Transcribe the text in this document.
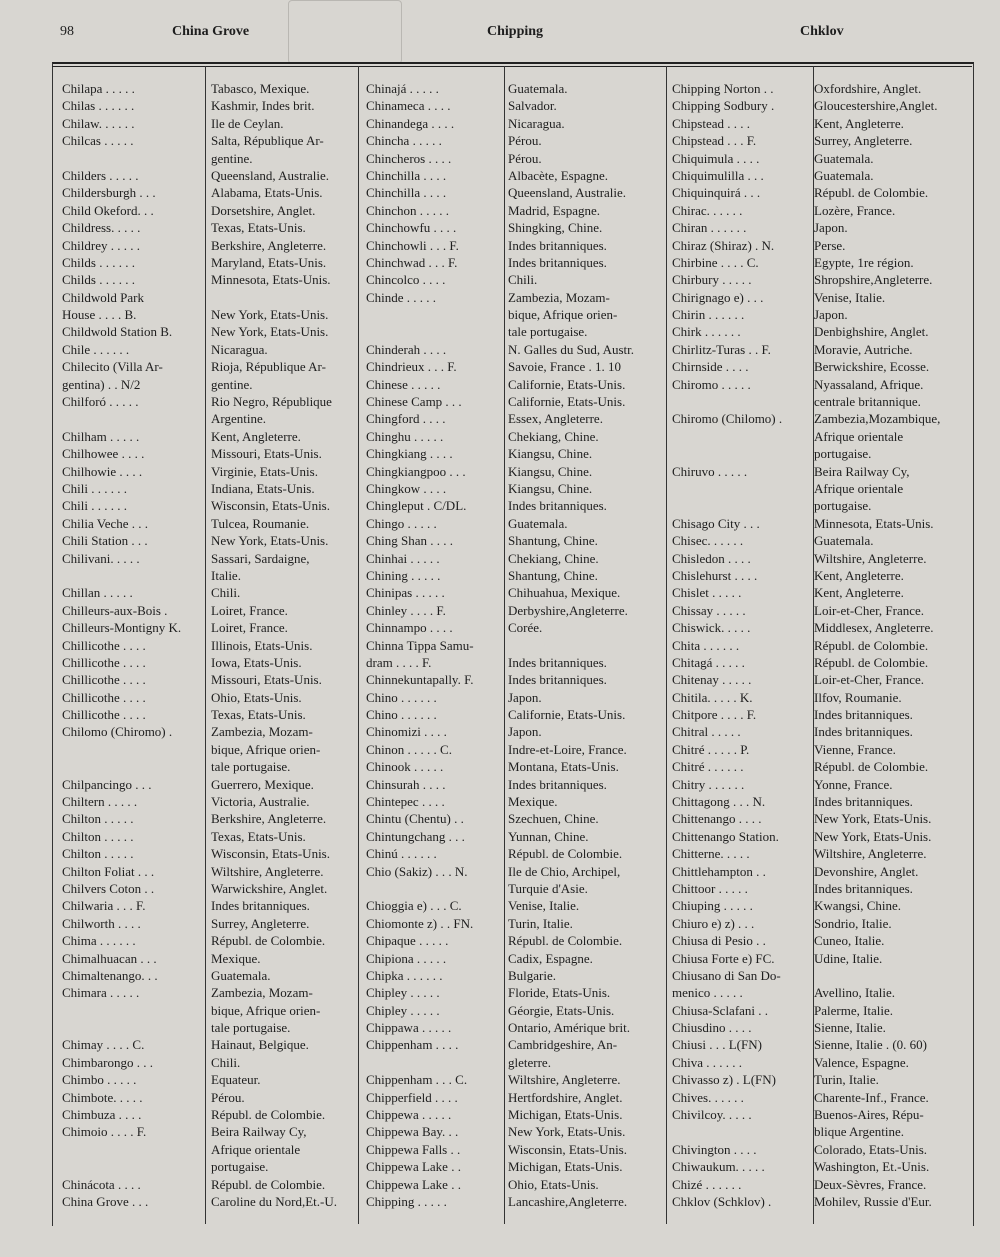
98	China Grove	Chipping	Chklov
Chilapa . . . . .	Tabasco, Mexique.
Chilas . . . . . .	Kashmir, Indes brit.
Chilaw. . . . . .	Ile de Ceylan.
Chilcas . . . . .	Salta, République Ar-
gentine.
Childers . . . . .	Queensland, Australie.
Childersburgh . . .	Alabama, Etats-Unis.
Child Okeford. . .	Dorsetshire, Anglet.
Childress. . . . .	Texas, Etats-Unis.
Childrey . . . . .	Berkshire, Angleterre.
Childs . . . . . .	Maryland, Etats-Unis.
Childs . . . . . .	Minnesota, Etats-Unis.
Childwold Park
House . . . . B.	New York, Etats-Unis.
Childwold Station B.	New York, Etats-Unis.
Chile . . . . . .	Nicaragua.
Chilecito (Villa Ar-	Rioja, République Ar-
gentina) . . N/2	gentine.
Chilforó . . . . .	Rio Negro, République
Argentine.
Chilham . . . . .	Kent, Angleterre.
Chilhowee . . . .	Missouri, Etats-Unis.
Chilhowie . . . .	Virginie, Etats-Unis.
Chili . . . . . .	Indiana, Etats-Unis.
Chili . . . . . .	Wisconsin, Etats-Unis.
Chilia Veche . . .	Tulcea, Roumanie.
Chili Station . . .	New York, Etats-Unis.
Chilivani. . . . .	Sassari, Sardaigne,
Italie.
Chillan . . . . .	Chili.
Chilleurs-aux-Bois .	Loiret, France.
Chilleurs-Montigny K.	Loiret, France.
Chillicothe . . . .	Illinois, Etats-Unis.
Chillicothe . . . .	Iowa, Etats-Unis.
Chillicothe . . . .	Missouri, Etats-Unis.
Chillicothe . . . .	Ohio, Etats-Unis.
Chillicothe . . . .	Texas, Etats-Unis.
Chilomo (Chiromo) .	Zambezia, Mozam-
bique, Afrique orien-
tale portugaise.
Chilpancingo . . .	Guerrero, Mexique.
Chiltern . . . . .	Victoria, Australie.
Chilton . . . . .	Berkshire, Angleterre.
Chilton . . . . .	Texas, Etats-Unis.
Chilton . . . . .	Wisconsin, Etats-Unis.
Chilton Foliat . . .	Wiltshire, Angleterre.
Chilvers Coton . .	Warwickshire, Anglet.
Chilwaria . . . F.	Indes britanniques.
Chilworth . . . .	Surrey, Angleterre.
Chima . . . . . .	Républ. de Colombie.
Chimalhuacan . . .	Mexique.
Chimaltenango. . .	Guatemala.
Chimara . . . . .	Zambezia, Mozam-
bique, Afrique orien-
tale portugaise.
Chimay . . . . C.	Hainaut, Belgique.
Chimbarongo . . .	Chili.
Chimbo . . . . .	Equateur.
Chimbote. . . . .	Pérou.
Chimbuza . . . .	Républ. de Colombie.
Chimoio . . . . F.	Beira Railway Cy,
Afrique orientale
portugaise.
Chinácota . . . .	Républ. de Colombie.
China Grove . . .	Caroline du Nord,Et.-U.
Chinajá . . . . .	Guatemala.
Chinameca . . . .	Salvador.
Chinandega . . . .	Nicaragua.
Chincha . . . . .	Pérou.
Chincheros . . . .	Pérou.
Chinchilla . . . .	Albacète, Espagne.
Chinchilla . . . .	Queensland, Australie.
Chinchon . . . . .	Madrid, Espagne.
Chinchowfu . . . .	Shingking, Chine.
Chinchowli . . . F.	Indes britanniques.
Chinchwad . . . F.	Indes britanniques.
Chincolco . . . .	Chili.
Chinde . . . . .	Zambezia, Mozam-
bique, Afrique orien-
tale portugaise.
Chinderah . . . .	N. Galles du Sud, Austr.
Chindrieux . . . F.	Savoie, France . 1. 10
Chinese . . . . .	Californie, Etats-Unis.
Chinese Camp . . .	Californie, Etats-Unis.
Chingford . . . .	Essex, Angleterre.
Chinghu . . . . .	Chekiang, Chine.
Chingkiang . . . .	Kiangsu, Chine.
Chingkiangpoo . . .	Kiangsu, Chine.
Chingkow . . . .	Kiangsu, Chine.
Chingleput . C/DL.	Indes britanniques.
Chingo . . . . .	Guatemala.
Ching Shan . . . .	Shantung, Chine.
Chinhai . . . . .	Chekiang, Chine.
Chining . . . . .	Shantung, Chine.
Chinipas . . . . .	Chihuahua, Mexique.
Chinley . . . . F.	Derbyshire,Angleterre.
Chinnampo . . . .	Corée.
Chinna Tippa Samu-
dram . . . . F.	Indes britanniques.
Chinnekuntapally. F.	Indes britanniques.
Chino . . . . . .	Japon.
Chino . . . . . .	Californie, Etats-Unis.
Chinomizi . . . .	Japon.
Chinon . . . . . C.	Indre-et-Loire, France.
Chinook . . . . .	Montana, Etats-Unis.
Chinsurah . . . .	Indes britanniques.
Chintepec . . . .	Mexique.
Chintu (Chentu) . .	Szechuen, Chine.
Chintungchang . . .	Yunnan, Chine.
Chinú . . . . . .	Républ. de Colombie.
Chio (Sakiz) . . . N.	Ile de Chio, Archipel,
Turquie d'Asie.
Chioggia e) . . . C.	Venise, Italie.
Chiomonte z) . . FN.	Turin, Italie.
Chipaque . . . . .	Républ. de Colombie.
Chipiona . . . . .	Cadix, Espagne.
Chipka . . . . . .	Bulgarie.
Chipley . . . . .	Floride, Etats-Unis.
Chipley . . . . .	Géorgie, Etats-Unis.
Chippawa . . . . .	Ontario, Amérique brit.
Chippenham . . . .	Cambridgeshire, An-
gleterre.
Chippenham . . . C.	Wiltshire, Angleterre.
Chipperfield . . . .	Hertfordshire, Anglet.
Chippewa . . . . .	Michigan, Etats-Unis.
Chippewa Bay. . .	New York, Etats-Unis.
Chippewa Falls . .	Wisconsin, Etats-Unis.
Chippewa Lake . .	Michigan, Etats-Unis.
Chippewa Lake . .	Ohio, Etats-Unis.
Chipping . . . . .	Lancashire,Angleterre.
Chipping Norton . .	Oxfordshire, Anglet.
Chipping Sodbury .	Gloucestershire,Anglet.
Chipstead . . . .	Kent, Angleterre.
Chipstead . . . F.	Surrey, Angleterre.
Chiquimula . . . .	Guatemala.
Chiquimulilla . . .	Guatemala.
Chiquinquirá . . .	Républ. de Colombie.
Chirac. . . . . .	Lozère, France.
Chiran . . . . . .	Japon.
Chiraz (Shiraz) . N.	Perse.
Chirbine . . . . C.	Egypte, 1re région.
Chirbury . . . . .	Shropshire,Angleterre.
Chirignago e) . . .	Venise, Italie.
Chirin . . . . . .	Japon.
Chirk . . . . . .	Denbighshire, Anglet.
Chirlitz-Turas . . F.	Moravie, Autriche.
Chirnside . . . .	Berwickshire, Ecosse.
Chiromo . . . . .	Nyassaland, Afrique.
centrale britannique.
Chiromo (Chilomo) .	Zambezia,Mozambique,
Afrique orientale
portugaise.
Chiruvo . . . . .	Beira Railway Cy,
Afrique orientale
portugaise.
Chisago City . . .	Minnesota, Etats-Unis.
Chisec. . . . . .	Guatemala.
Chisledon . . . .	Wiltshire, Angleterre.
Chislehurst . . . .	Kent, Angleterre.
Chislet . . . . .	Kent, Angleterre.
Chissay . . . . .	Loir-et-Cher, France.
Chiswick. . . . .	Middlesex, Angleterre.
Chita . . . . . .	Républ. de Colombie.
Chitagá . . . . .	Républ. de Colombie.
Chitenay . . . . .	Loir-et-Cher, France.
Chitila. . . . . K.	Ilfov, Roumanie.
Chitpore . . . . F.	Indes britanniques.
Chitral . . . . .	Indes britanniques.
Chitré . . . . . P.	Vienne, France.
Chitré . . . . . .	Républ. de Colombie.
Chitry . . . . . .	Yonne, France.
Chittagong . . . N.	Indes britanniques.
Chittenango . . . .	New York, Etats-Unis.
Chittenango Station.	New York, Etats-Unis.
Chitterne. . . . .	Wiltshire, Angleterre.
Chittlehampton . .	Devonshire, Anglet.
Chittoor . . . . .	Indes britanniques.
Chiuping . . . . .	Kwangsi, Chine.
Chiuro e) z) . . .	Sondrio, Italie.
Chiusa di Pesio . .	Cuneo, Italie.
Chiusa Forte e) FC.	Udine, Italie.
Chiusano di San Do-
menico . . . . .	Avellino, Italie.
Chiusa-Sclafani . .	Palerme, Italie.
Chiusdino . . . .	Sienne, Italie.
Chiusi . . . L(FN)	Sienne, Italie . (0. 60)
Chiva . . . . . .	Valence, Espagne.
Chivasso z) . L(FN)	Turin, Italie.
Chives. . . . . .	Charente-Inf., France.
Chivilcoy. . . . .	Buenos-Aires, Répu-
blique Argentine.
Chivington . . . .	Colorado, Etats-Unis.
Chiwaukum. . . . .	Washington, Et.-Unis.
Chizé . . . . . .	Deux-Sèvres, France.
Chklov (Schklov) .	Mohilev, Russie d'Eur.
